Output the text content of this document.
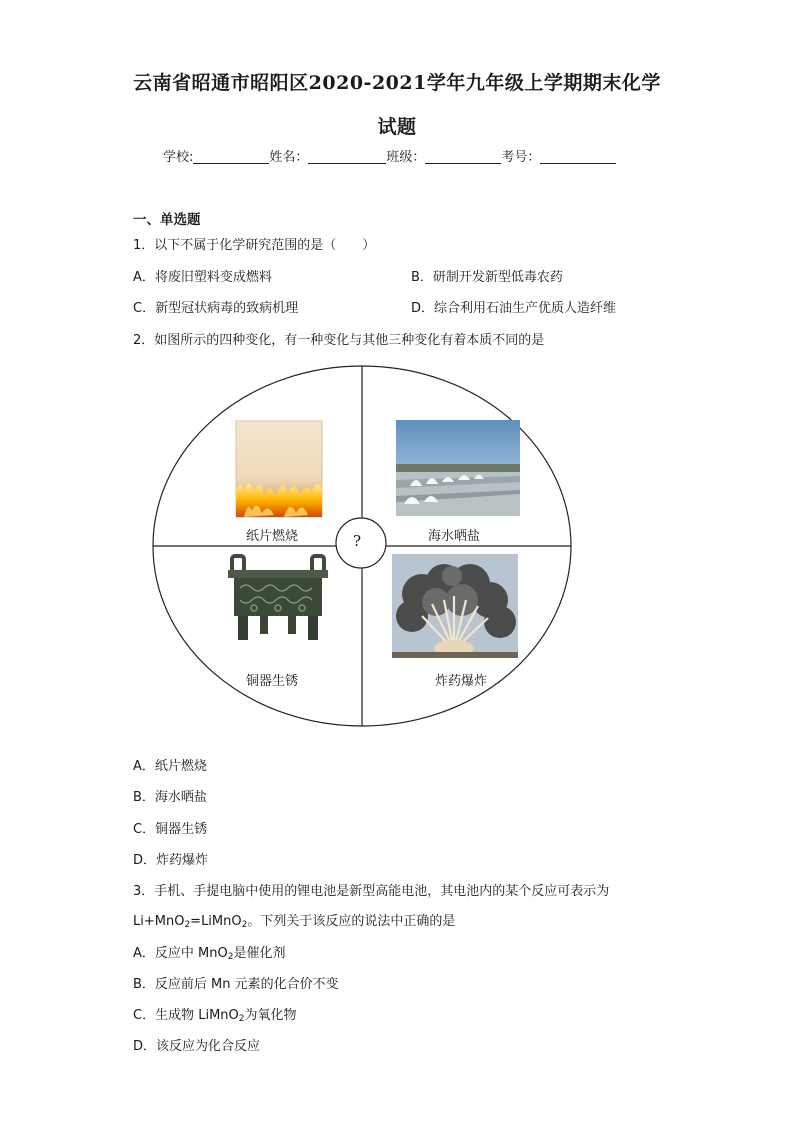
云南省昭通市昭阳区2020-2021学年九年级上学期期末化学
试题
学校:	姓名：	班级：	考号：
一、单选题
1．以下不属于化学研究范围的是（　　）
A．将废旧塑料变成燃料	B．研制开发新型低毒农药
C．新型冠状病毒的致病机理	D．综合利用石油生产优质人造纤维
2．如图所示的四种变化，有一种变化与其他三种变化有着本质不同的是
纸片燃烧	海水晒盐
铜器生锈	炸药爆炸
?
A．纸片燃烧
B．海水晒盐
C．铜器生锈
D．炸药爆炸
3．手机、手提电脑中使用的锂电池是新型高能电池，其电池内的某个反应可表示为
Li+MnO$_2$=LiMnO$_2$。下列关于该反应的说法中正确的是
A．反应中 MnO$_2$是催化剂
B．反应前后 Mn 元素的化合价不变
C．生成物 LiMnO$_2$为氧化物
D．该反应为化合反应
